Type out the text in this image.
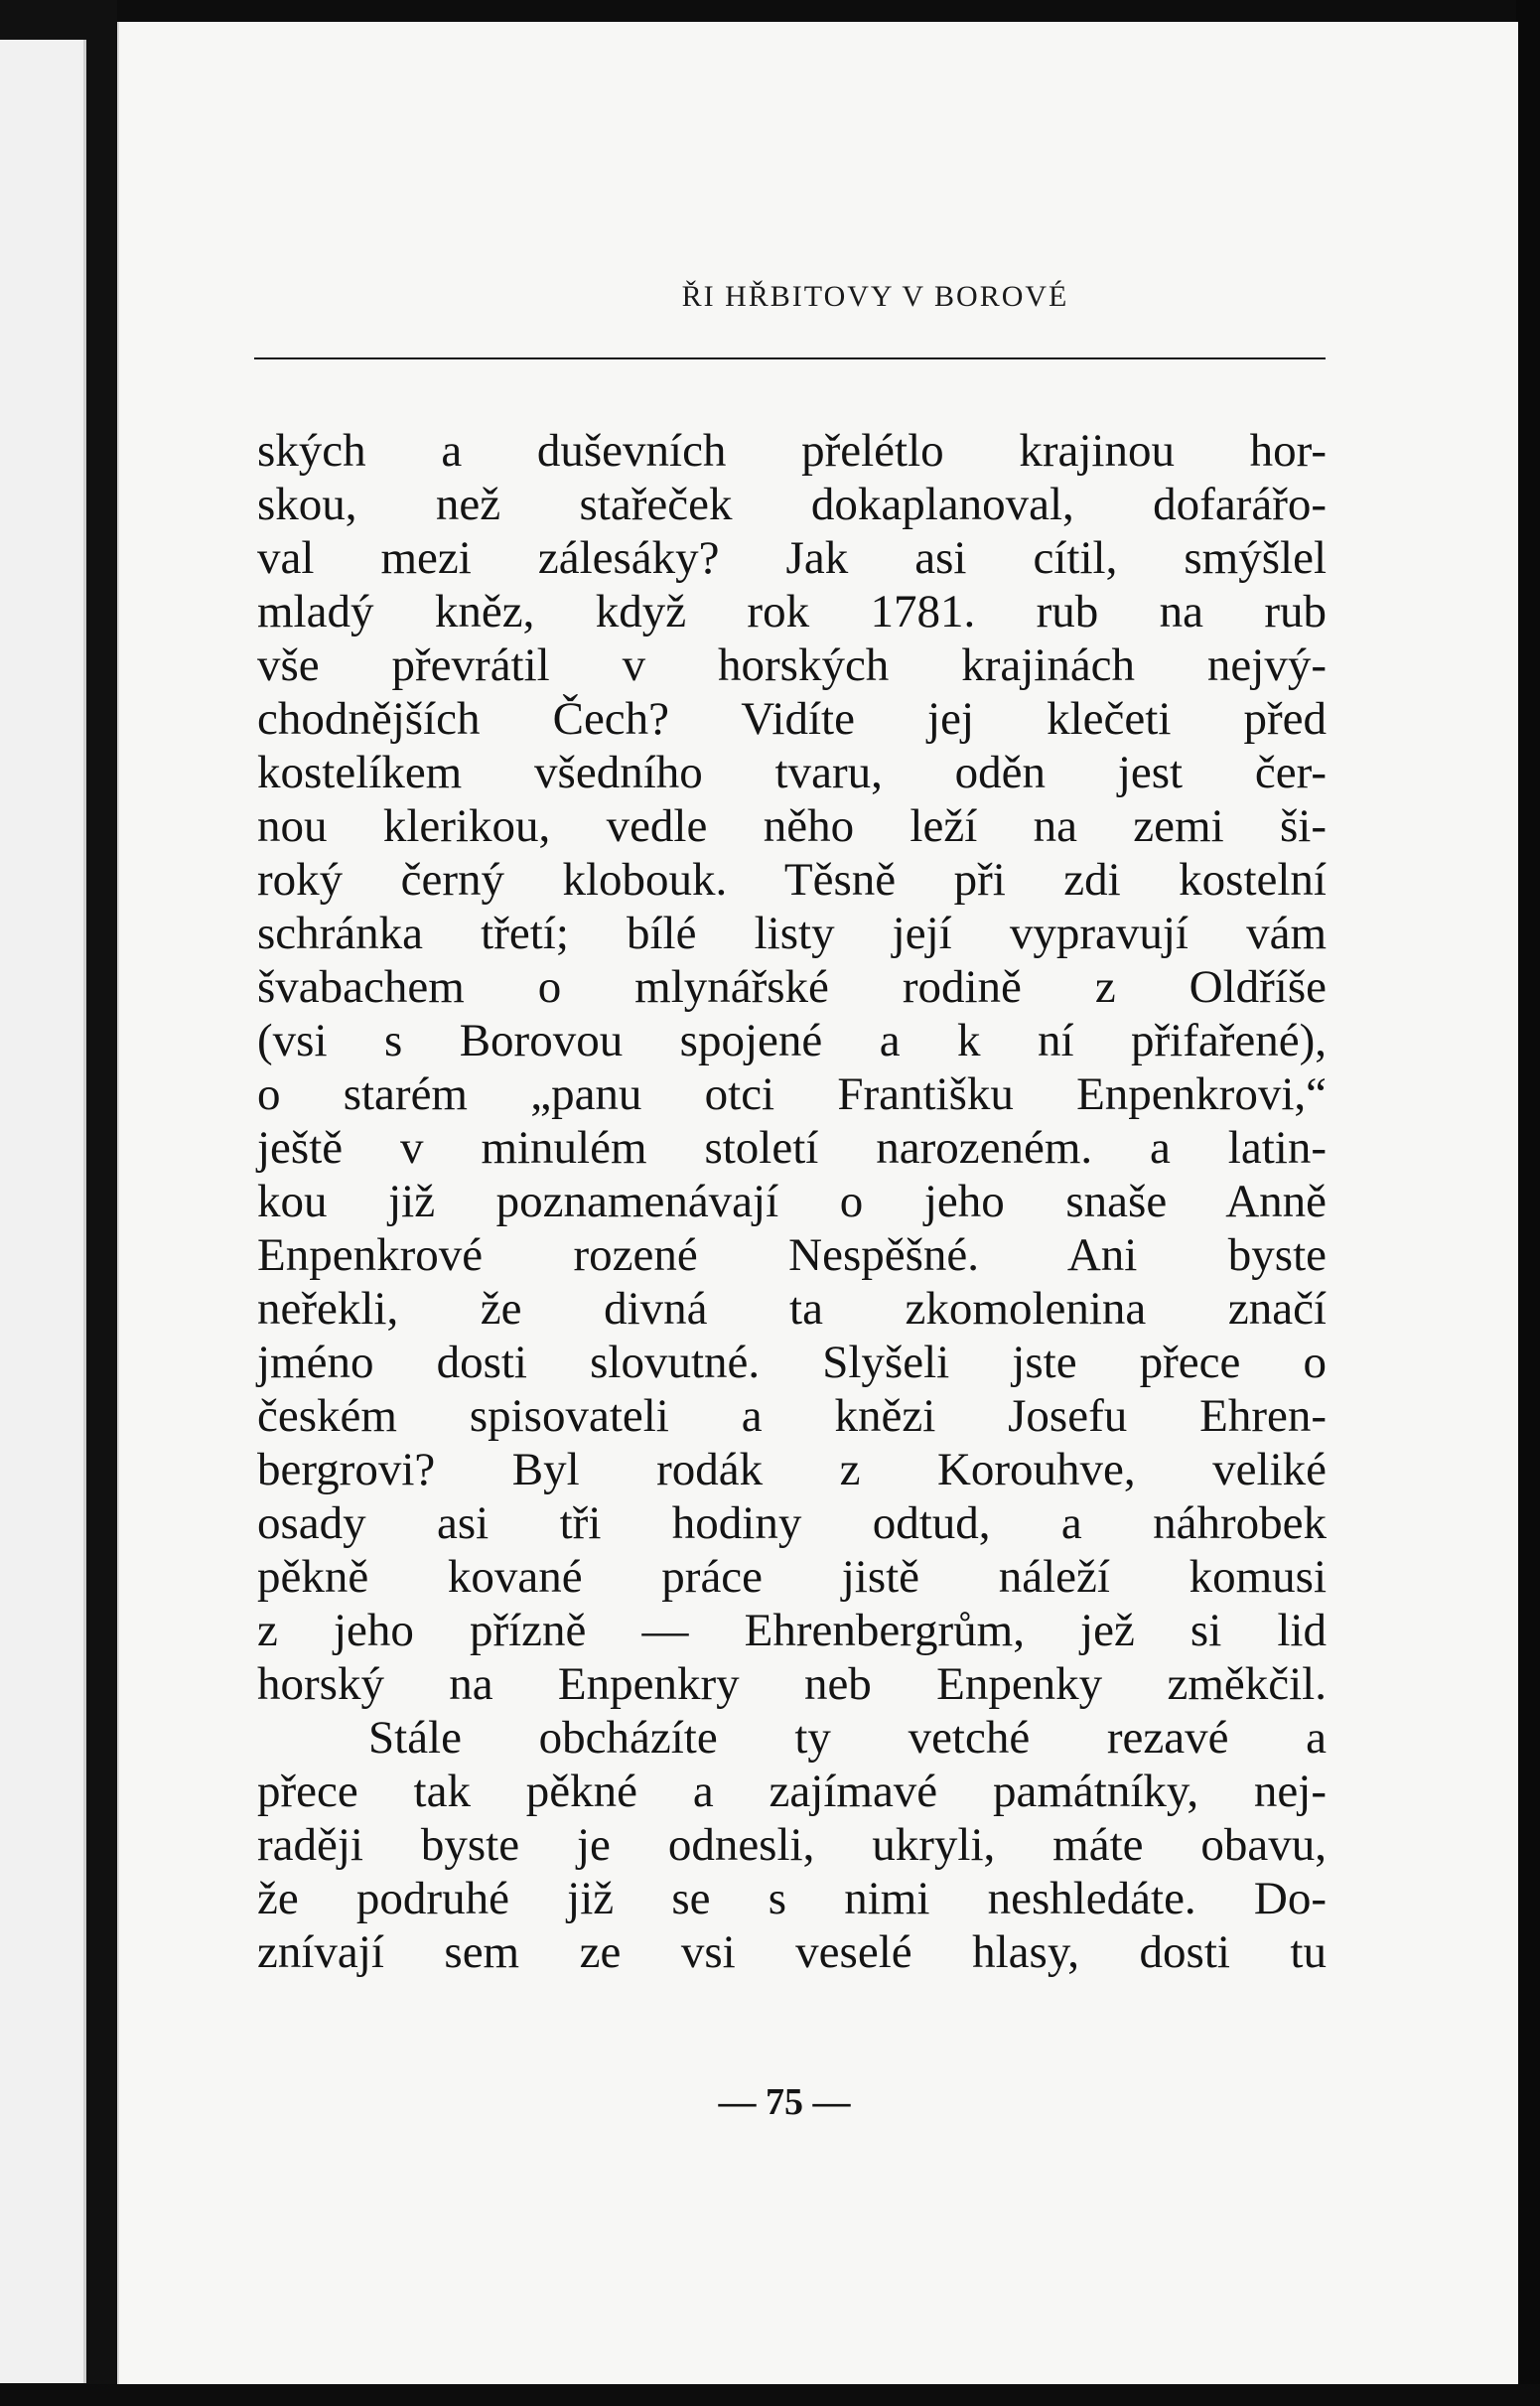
ŘI HŘBITOVY V BOROVÉ
ských a duševních přelétlo krajinou hor-
skou, než stařeček dokaplanoval, dofarářo-
val mezi zálesáky? Jak asi cítil, smýšlel
mladý kněz, když rok 1781. rub na rub
vše převrátil v horských krajinách nejvý-
chodnějších Čech? Vidíte jej klečeti před
kostelíkem všedního tvaru, oděn jest čer-
nou klerikou, vedle něho leží na zemi ši-
roký černý klobouk. Těsně při zdi kostelní
schránka třetí; bílé listy její vypravují vám
švabachem o mlynářské rodině z Oldříše
(vsi s Borovou spojené a k ní přifařené),
o starém „panu otci Františku Enpenkrovi,“
ještě v minulém století narozeném. a latin-
kou již poznamenávají o jeho snaše Anně
Enpenkrové rozené Nespěšné. Ani byste
neřekli, že divná ta zkomolenina značí
jméno dosti slovutné. Slyšeli jste přece o
českém spisovateli a knězi Josefu Ehren-
bergrovi? Byl rodák z Korouhve, veliké
osady asi tři hodiny odtud, a náhrobek
pěkně kované práce jistě náleží komusi
z jeho přízně — Ehrenbergrům, jež si lid
horský na Enpenkry neb Enpenky změkčil.
Stále obcházíte ty vetché rezavé a
přece tak pěkné a zajímavé památníky, nej-
raději byste je odnesli, ukryli, máte obavu,
že podruhé již se s nimi neshledáte. Do-
znívají sem ze vsi veselé hlasy, dosti tu
— 75 —
